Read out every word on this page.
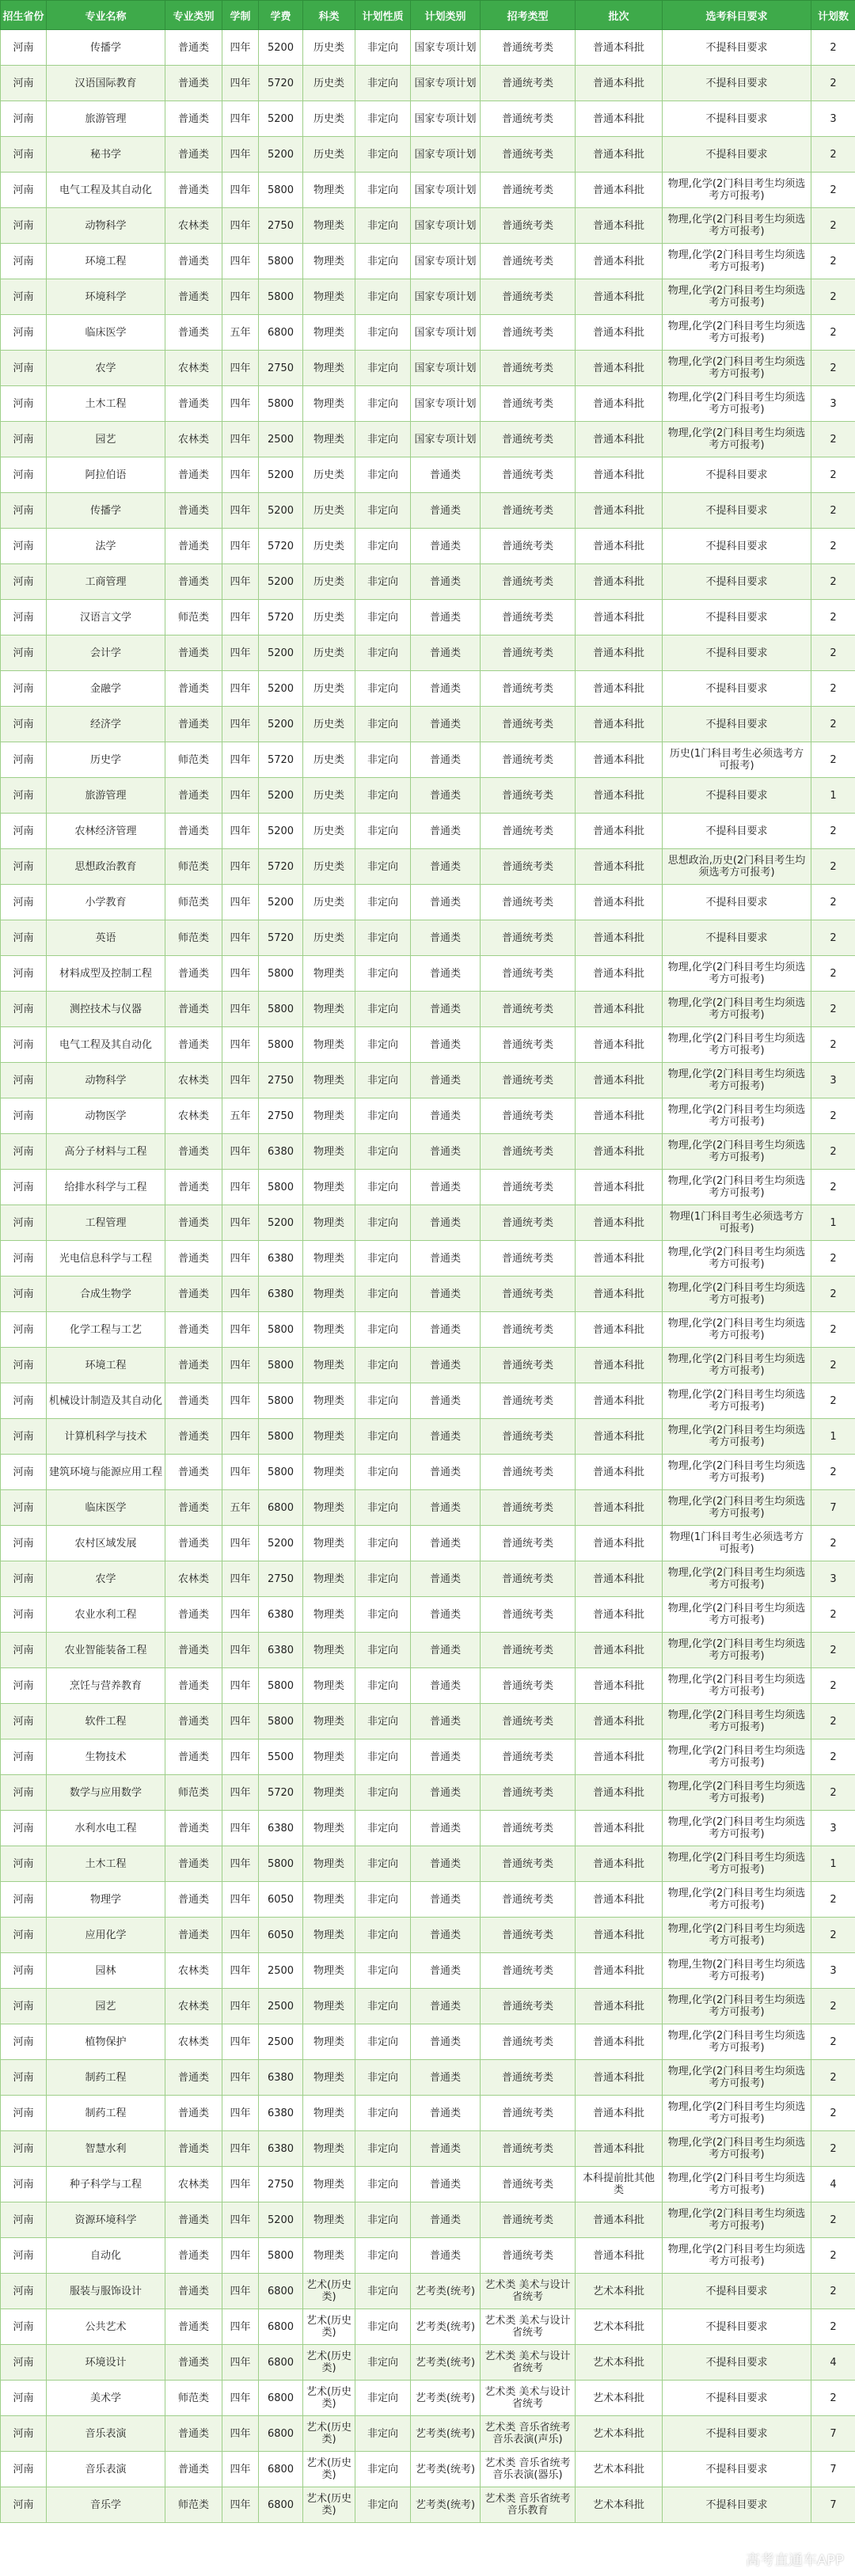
招生省份	专业名称	专业类别	学制	学费	科类	计划性质	计划类别	招考类型	批次	选考科目要求	计划数
河南	传播学	普通类	四年	5200	历史类	非定向	国家专项计划	普通统考类	普通本科批	不提科目要求	2
河南	汉语国际教育	普通类	四年	5720	历史类	非定向	国家专项计划	普通统考类	普通本科批	不提科目要求	2
河南	旅游管理	普通类	四年	5200	历史类	非定向	国家专项计划	普通统考类	普通本科批	不提科目要求	3
河南	秘书学	普通类	四年	5200	历史类	非定向	国家专项计划	普通统考类	普通本科批	不提科目要求	2
河南	电气工程及其自动化	普通类	四年	5800	物理类	非定向	国家专项计划	普通统考类	普通本科批	物理,化学(2门科目考生均须选考方可报考)	2
河南	动物科学	农林类	四年	2750	物理类	非定向	国家专项计划	普通统考类	普通本科批	物理,化学(2门科目考生均须选考方可报考)	2
河南	环境工程	普通类	四年	5800	物理类	非定向	国家专项计划	普通统考类	普通本科批	物理,化学(2门科目考生均须选考方可报考)	2
河南	环境科学	普通类	四年	5800	物理类	非定向	国家专项计划	普通统考类	普通本科批	物理,化学(2门科目考生均须选考方可报考)	2
河南	临床医学	普通类	五年	6800	物理类	非定向	国家专项计划	普通统考类	普通本科批	物理,化学(2门科目考生均须选考方可报考)	2
河南	农学	农林类	四年	2750	物理类	非定向	国家专项计划	普通统考类	普通本科批	物理,化学(2门科目考生均须选考方可报考)	2
河南	土木工程	普通类	四年	5800	物理类	非定向	国家专项计划	普通统考类	普通本科批	物理,化学(2门科目考生均须选考方可报考)	3
河南	园艺	农林类	四年	2500	物理类	非定向	国家专项计划	普通统考类	普通本科批	物理,化学(2门科目考生均须选考方可报考)	2
河南	阿拉伯语	普通类	四年	5200	历史类	非定向	普通类	普通统考类	普通本科批	不提科目要求	2
河南	传播学	普通类	四年	5200	历史类	非定向	普通类	普通统考类	普通本科批	不提科目要求	2
河南	法学	普通类	四年	5720	历史类	非定向	普通类	普通统考类	普通本科批	不提科目要求	2
河南	工商管理	普通类	四年	5200	历史类	非定向	普通类	普通统考类	普通本科批	不提科目要求	2
河南	汉语言文学	师范类	四年	5720	历史类	非定向	普通类	普通统考类	普通本科批	不提科目要求	2
河南	会计学	普通类	四年	5200	历史类	非定向	普通类	普通统考类	普通本科批	不提科目要求	2
河南	金融学	普通类	四年	5200	历史类	非定向	普通类	普通统考类	普通本科批	不提科目要求	2
河南	经济学	普通类	四年	5200	历史类	非定向	普通类	普通统考类	普通本科批	不提科目要求	2
河南	历史学	师范类	四年	5720	历史类	非定向	普通类	普通统考类	普通本科批	历史(1门科目考生必须选考方可报考)	2
河南	旅游管理	普通类	四年	5200	历史类	非定向	普通类	普通统考类	普通本科批	不提科目要求	1
河南	农林经济管理	普通类	四年	5200	历史类	非定向	普通类	普通统考类	普通本科批	不提科目要求	2
河南	思想政治教育	师范类	四年	5720	历史类	非定向	普通类	普通统考类	普通本科批	思想政治,历史(2门科目考生均须选考方可报考)	2
河南	小学教育	师范类	四年	5200	历史类	非定向	普通类	普通统考类	普通本科批	不提科目要求	2
河南	英语	师范类	四年	5720	历史类	非定向	普通类	普通统考类	普通本科批	不提科目要求	2
河南	材料成型及控制工程	普通类	四年	5800	物理类	非定向	普通类	普通统考类	普通本科批	物理,化学(2门科目考生均须选考方可报考)	2
河南	测控技术与仪器	普通类	四年	5800	物理类	非定向	普通类	普通统考类	普通本科批	物理,化学(2门科目考生均须选考方可报考)	2
河南	电气工程及其自动化	普通类	四年	5800	物理类	非定向	普通类	普通统考类	普通本科批	物理,化学(2门科目考生均须选考方可报考)	2
河南	动物科学	农林类	四年	2750	物理类	非定向	普通类	普通统考类	普通本科批	物理,化学(2门科目考生均须选考方可报考)	3
河南	动物医学	农林类	五年	2750	物理类	非定向	普通类	普通统考类	普通本科批	物理,化学(2门科目考生均须选考方可报考)	2
河南	高分子材料与工程	普通类	四年	6380	物理类	非定向	普通类	普通统考类	普通本科批	物理,化学(2门科目考生均须选考方可报考)	2
河南	给排水科学与工程	普通类	四年	5800	物理类	非定向	普通类	普通统考类	普通本科批	物理,化学(2门科目考生均须选考方可报考)	2
河南	工程管理	普通类	四年	5200	物理类	非定向	普通类	普通统考类	普通本科批	物理(1门科目考生必须选考方可报考)	1
河南	光电信息科学与工程	普通类	四年	6380	物理类	非定向	普通类	普通统考类	普通本科批	物理,化学(2门科目考生均须选考方可报考)	2
河南	合成生物学	普通类	四年	6380	物理类	非定向	普通类	普通统考类	普通本科批	物理,化学(2门科目考生均须选考方可报考)	2
河南	化学工程与工艺	普通类	四年	5800	物理类	非定向	普通类	普通统考类	普通本科批	物理,化学(2门科目考生均须选考方可报考)	2
河南	环境工程	普通类	四年	5800	物理类	非定向	普通类	普通统考类	普通本科批	物理,化学(2门科目考生均须选考方可报考)	2
河南	机械设计制造及其自动化	普通类	四年	5800	物理类	非定向	普通类	普通统考类	普通本科批	物理,化学(2门科目考生均须选考方可报考)	2
河南	计算机科学与技术	普通类	四年	5800	物理类	非定向	普通类	普通统考类	普通本科批	物理,化学(2门科目考生均须选考方可报考)	1
河南	建筑环境与能源应用工程	普通类	四年	5800	物理类	非定向	普通类	普通统考类	普通本科批	物理,化学(2门科目考生均须选考方可报考)	2
河南	临床医学	普通类	五年	6800	物理类	非定向	普通类	普通统考类	普通本科批	物理,化学(2门科目考生均须选考方可报考)	7
河南	农村区域发展	普通类	四年	5200	物理类	非定向	普通类	普通统考类	普通本科批	物理(1门科目考生必须选考方可报考)	2
河南	农学	农林类	四年	2750	物理类	非定向	普通类	普通统考类	普通本科批	物理,化学(2门科目考生均须选考方可报考)	3
河南	农业水利工程	普通类	四年	6380	物理类	非定向	普通类	普通统考类	普通本科批	物理,化学(2门科目考生均须选考方可报考)	2
河南	农业智能装备工程	普通类	四年	6380	物理类	非定向	普通类	普通统考类	普通本科批	物理,化学(2门科目考生均须选考方可报考)	2
河南	烹饪与营养教育	普通类	四年	5800	物理类	非定向	普通类	普通统考类	普通本科批	物理,化学(2门科目考生均须选考方可报考)	2
河南	软件工程	普通类	四年	5800	物理类	非定向	普通类	普通统考类	普通本科批	物理,化学(2门科目考生均须选考方可报考)	2
河南	生物技术	普通类	四年	5500	物理类	非定向	普通类	普通统考类	普通本科批	物理,化学(2门科目考生均须选考方可报考)	2
河南	数学与应用数学	师范类	四年	5720	物理类	非定向	普通类	普通统考类	普通本科批	物理,化学(2门科目考生均须选考方可报考)	2
河南	水利水电工程	普通类	四年	6380	物理类	非定向	普通类	普通统考类	普通本科批	物理,化学(2门科目考生均须选考方可报考)	3
河南	土木工程	普通类	四年	5800	物理类	非定向	普通类	普通统考类	普通本科批	物理,化学(2门科目考生均须选考方可报考)	1
河南	物理学	普通类	四年	6050	物理类	非定向	普通类	普通统考类	普通本科批	物理,化学(2门科目考生均须选考方可报考)	2
河南	应用化学	普通类	四年	6050	物理类	非定向	普通类	普通统考类	普通本科批	物理,化学(2门科目考生均须选考方可报考)	2
河南	园林	农林类	四年	2500	物理类	非定向	普通类	普通统考类	普通本科批	物理,生物(2门科目考生均须选考方可报考)	3
河南	园艺	农林类	四年	2500	物理类	非定向	普通类	普通统考类	普通本科批	物理,化学(2门科目考生均须选考方可报考)	2
河南	植物保护	农林类	四年	2500	物理类	非定向	普通类	普通统考类	普通本科批	物理,化学(2门科目考生均须选考方可报考)	2
河南	制药工程	普通类	四年	6380	物理类	非定向	普通类	普通统考类	普通本科批	物理,化学(2门科目考生均须选考方可报考)	2
河南	制药工程	普通类	四年	6380	物理类	非定向	普通类	普通统考类	普通本科批	物理,化学(2门科目考生均须选考方可报考)	2
河南	智慧水利	普通类	四年	6380	物理类	非定向	普通类	普通统考类	普通本科批	物理,化学(2门科目考生均须选考方可报考)	2
河南	种子科学与工程	农林类	四年	2750	物理类	非定向	普通类	普通统考类	本科提前批其他类	物理,化学(2门科目考生均须选考方可报考)	4
河南	资源环境科学	普通类	四年	5200	物理类	非定向	普通类	普通统考类	普通本科批	物理,化学(2门科目考生均须选考方可报考)	2
河南	自动化	普通类	四年	5800	物理类	非定向	普通类	普通统考类	普通本科批	物理,化学(2门科目考生均须选考方可报考)	2
河南	服装与服饰设计	普通类	四年	6800	艺术(历史类)	非定向	艺考类(统考)	艺术类 美术与设计省统考	艺术本科批	不提科目要求	2
河南	公共艺术	普通类	四年	6800	艺术(历史类)	非定向	艺考类(统考)	艺术类 美术与设计省统考	艺术本科批	不提科目要求	2
河南	环境设计	普通类	四年	6800	艺术(历史类)	非定向	艺考类(统考)	艺术类 美术与设计省统考	艺术本科批	不提科目要求	4
河南	美术学	师范类	四年	6800	艺术(历史类)	非定向	艺考类(统考)	艺术类 美术与设计省统考	艺术本科批	不提科目要求	2
河南	音乐表演	普通类	四年	6800	艺术(历史类)	非定向	艺考类(统考)	艺术类 音乐省统考音乐表演(声乐)	艺术本科批	不提科目要求	7
河南	音乐表演	普通类	四年	6800	艺术(历史类)	非定向	艺考类(统考)	艺术类 音乐省统考音乐表演(器乐)	艺术本科批	不提科目要求	7
河南	音乐学	师范类	四年	6800	艺术(历史类)	非定向	艺考类(统考)	艺术类 音乐省统考音乐教育	艺术本科批	不提科目要求	7
高考直通车APP
